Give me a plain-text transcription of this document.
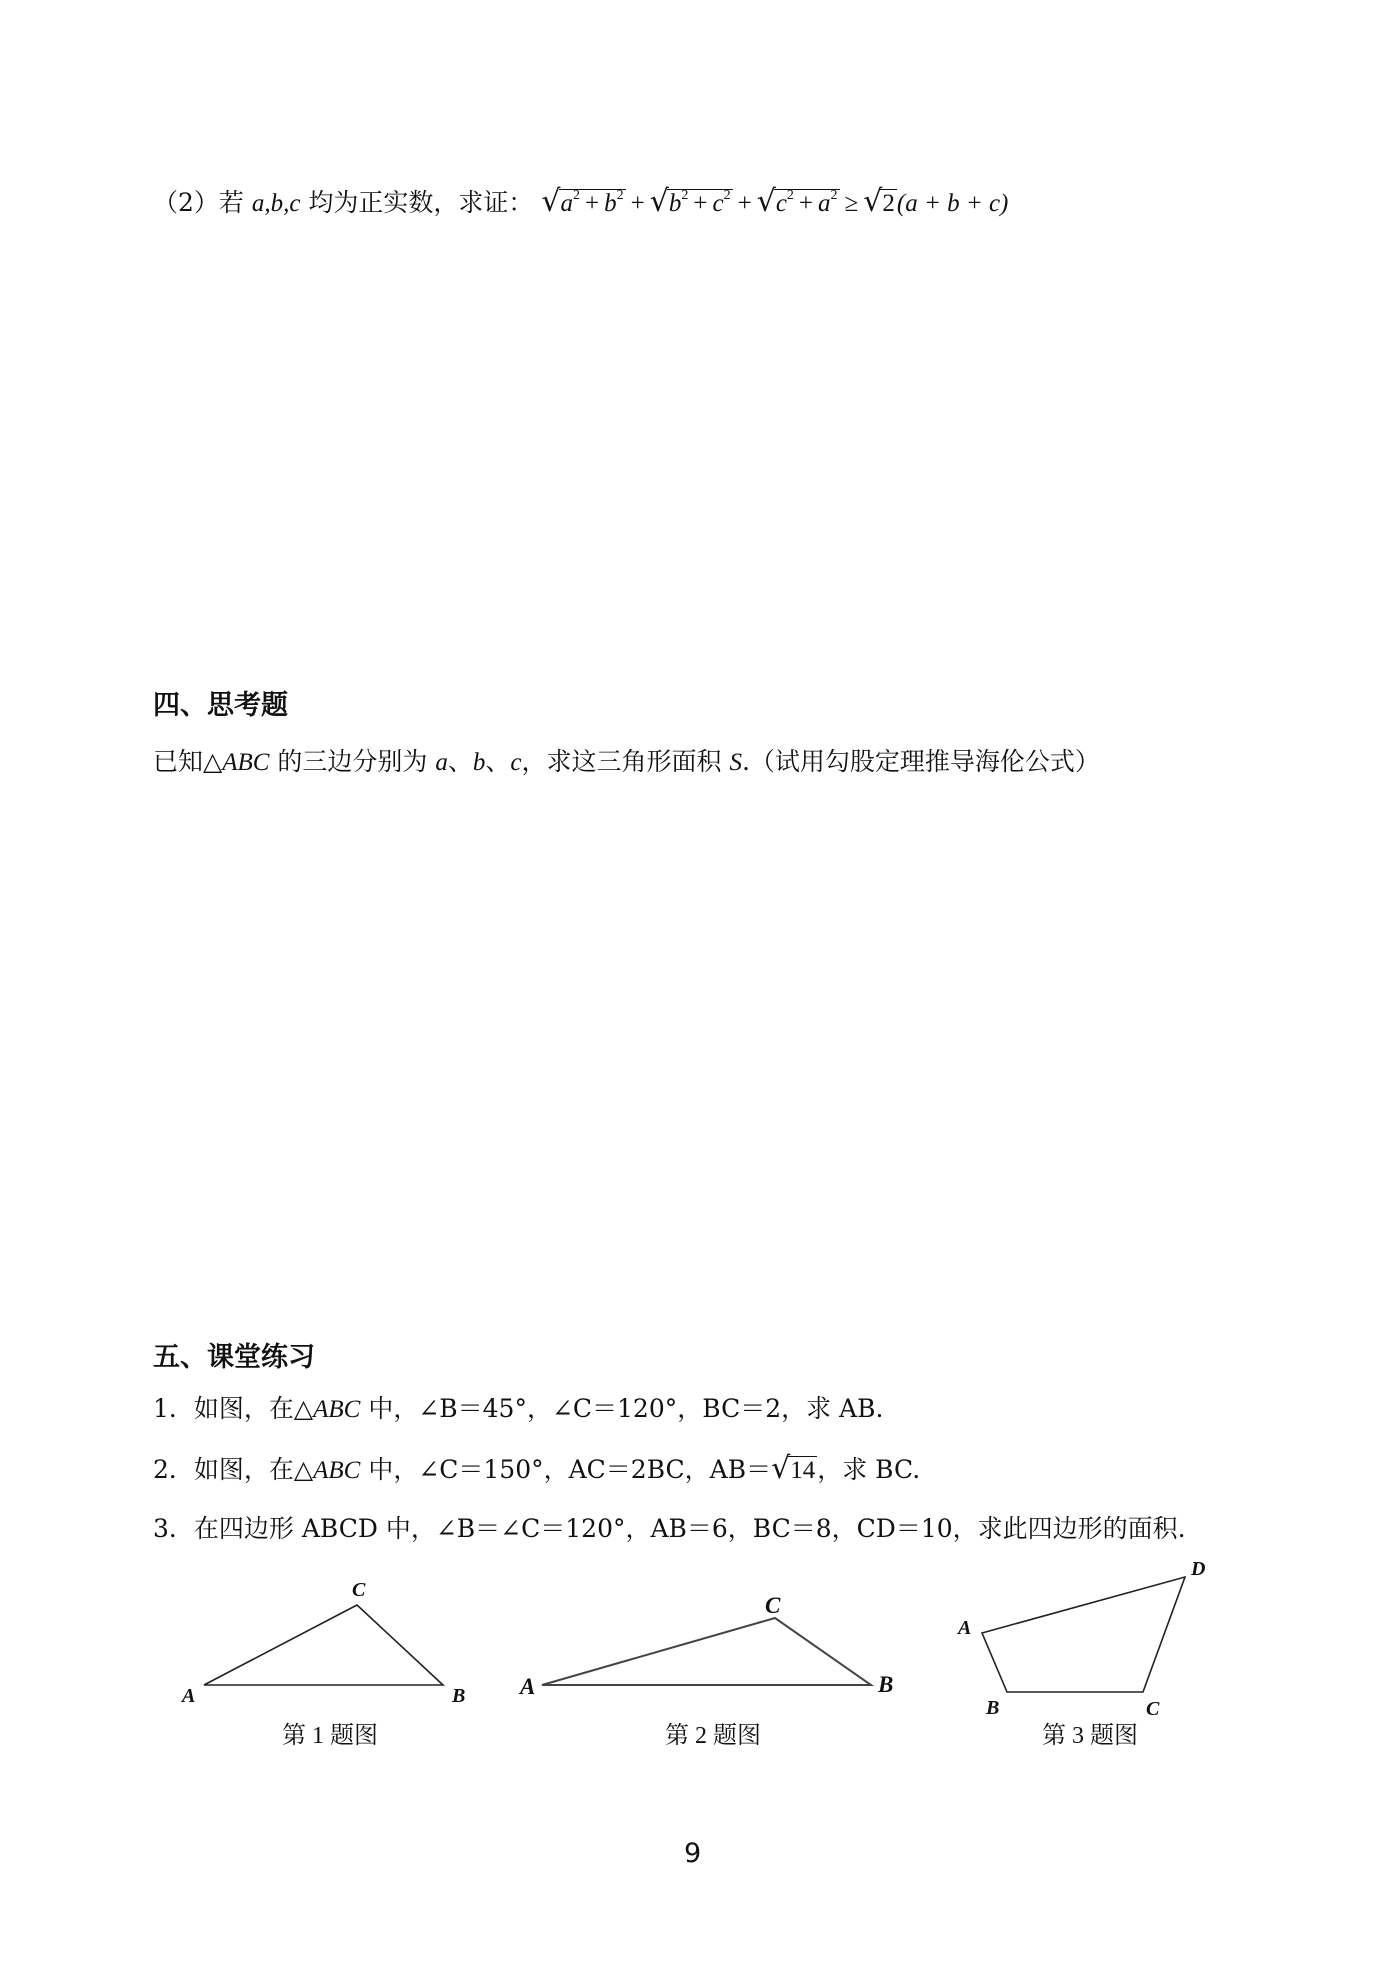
（2）若 a,b,c 均为正实数，求证： $√a^2 + b^2 + √b^2 + c^2 + √c^2 + a^2 \ge √2(a + b + c)$
四、思考题
已知△ABC 的三边分别为 a、b、c，求这三角形面积 S.（试用勾股定理推导海伦公式）
五、课堂练习
1．如图，在△ABC 中，∠B＝45°，∠C＝120°，BC＝2，求 AB.
2．如图，在△ABC 中，∠C＝150°，AC＝2BC，AB＝√14，求 BC.
3．在四边形 ABCD 中，∠B＝∠C＝120°，AB＝6，BC＝8，CD＝10，求此四边形的面积.
A	B
C
第 1 题图
A	B
C
第 2 题图
A
B	C
D
第 3 题图
9
